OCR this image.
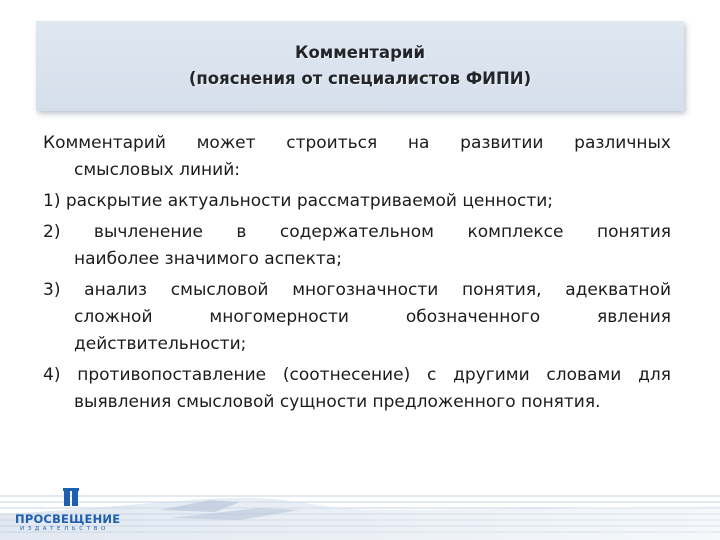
Комментарий
(пояснения от специалистов ФИПИ)
Комментарий может строиться на развитии различных
смысловых линий:
1) раскрытие актуальности рассматриваемой ценности;
2) вычленение в содержательном комплексе понятия
наиболее значимого аспекта;
3) анализ смысловой многозначности понятия, адекватной
сложной многомерности обозначенного явления
действительности;
4) противопоставление (соотнесение) с другими словами для
выявления смысловой сущности предложенного понятия.
ПРОСВЕЩЕНИЕ
ИЗДАТЕЛЬСТВО
